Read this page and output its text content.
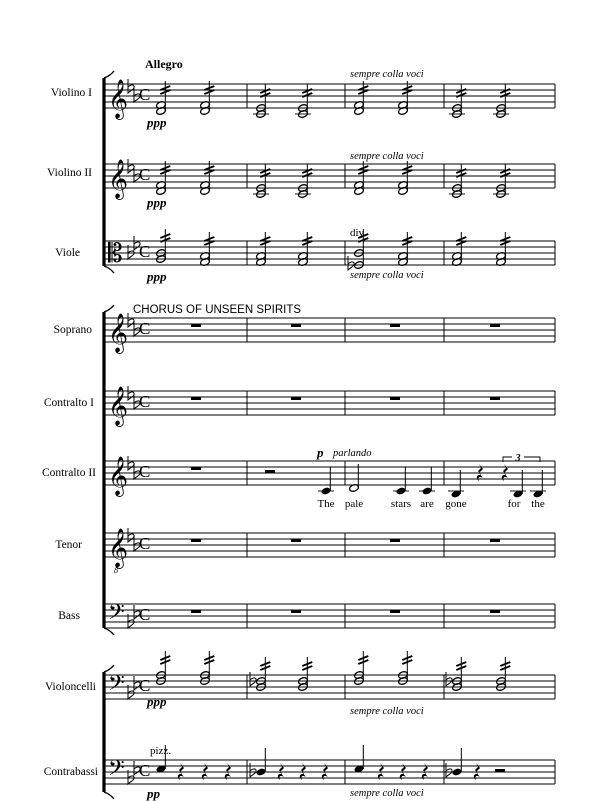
𝄞 C
𝄞 C
𝄡 C
𝄞 C
𝄞 C
𝄞 C
𝄞
8
C
𝄢 C
𝄢 C
𝄢 C
Allegro
CHORUS OF UNSEEN SPIRITS
Violino I
Violino II
Viole
Soprano
Contralto I
Contralto II
Tenor
Bass
Violoncelli
Contrabassi
ppp
ppp
ppp
p
ppp
pp
sempre colla voci
sempre colla voci
sempre colla voci
parlando
sempre colla voci
sempre colla voci
div.
pizz.
3
The pale	stars are gone	for the
